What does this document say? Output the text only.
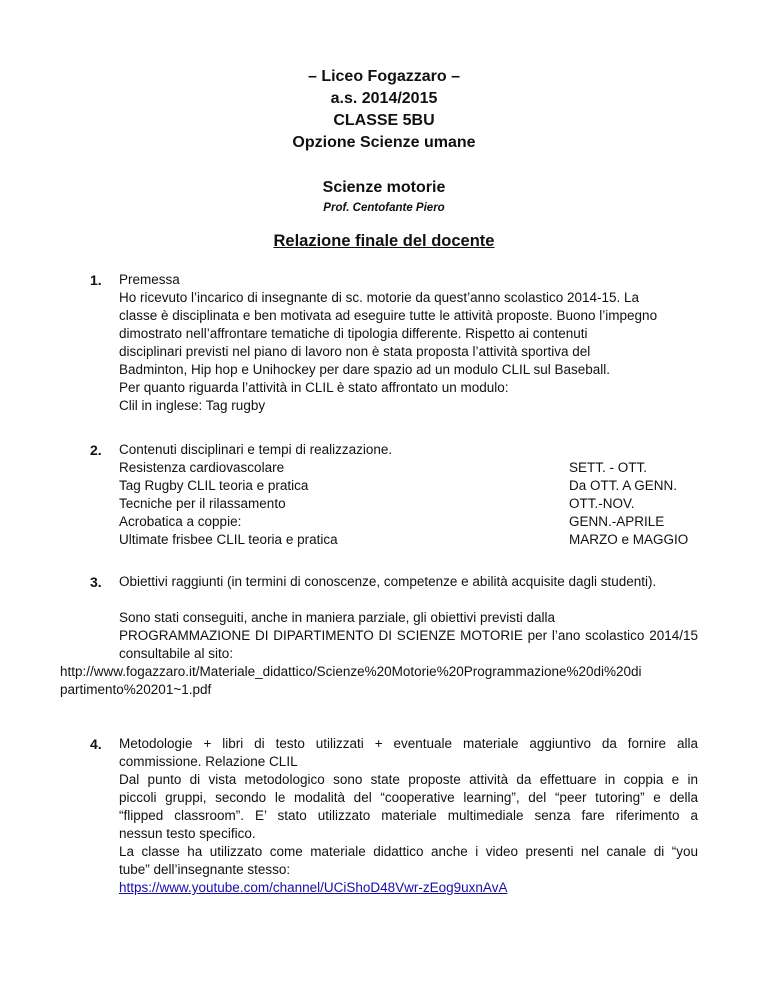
– Liceo Fogazzaro –
a.s. 2014/2015
CLASSE 5BU
Opzione Scienze umane
Scienze motorie
Prof. Centofante Piero
Relazione finale del docente
1. Premessa
Ho ricevuto l’incarico di insegnante di sc. motorie da quest’anno scolastico 2014-15. La
classe è disciplinata e ben motivata ad eseguire tutte le attività proposte. Buono l’impegno
dimostrato nell’affrontare tematiche di tipologia differente. Rispetto ai contenuti
disciplinari previsti nel piano di lavoro non è stata proposta l’attività sportiva del
Badminton, Hip hop e Unihockey per dare spazio ad un modulo CLIL sul Baseball.
Per quanto riguarda l’attività in CLIL è stato affrontato un modulo:
Clil in inglese: Tag rugby
2. Contenuti disciplinari e tempi di realizzazione.
Resistenza cardiovascolare	SETT. - OTT.
Tag Rugby CLIL teoria e pratica	Da OTT. A GENN.
Tecniche per il rilassamento	OTT.-NOV.
Acrobatica a coppie:	GENN.-APRILE
Ultimate frisbee CLIL teoria e pratica	MARZO e MAGGIO
3. Obiettivi raggiunti (in termini di conoscenze, competenze e abilità acquisite dagli studenti).
Sono stati conseguiti, anche in maniera parziale, gli obiettivi previsti dalla
PROGRAMMAZIONE DI DIPARTIMENTO DI SCIENZE MOTORIE per l’ano scolastico 2014/15
consultabile al sito:
http://www.fogazzaro.it/Materiale_didattico/Scienze%20Motorie%20Programmazione%20di%20di
partimento%20201~1.pdf
4. Metodologie + libri di testo utilizzati + eventuale materiale aggiuntivo da fornire alla
commissione. Relazione CLIL
Dal punto di vista metodologico sono state proposte attività da effettuare in coppia e in
piccoli gruppi, secondo le modalità del “cooperative learning”, del “peer tutoring” e della
“flipped classroom”. E’ stato utilizzato materiale multimediale senza fare riferimento a
nessun testo specifico.
La classe ha utilizzato come materiale didattico anche i video presenti nel canale di “you
tube” dell’insegnante stesso:
https://www.youtube.com/channel/UCiShoD48Vwr-zEog9uxnAvA
